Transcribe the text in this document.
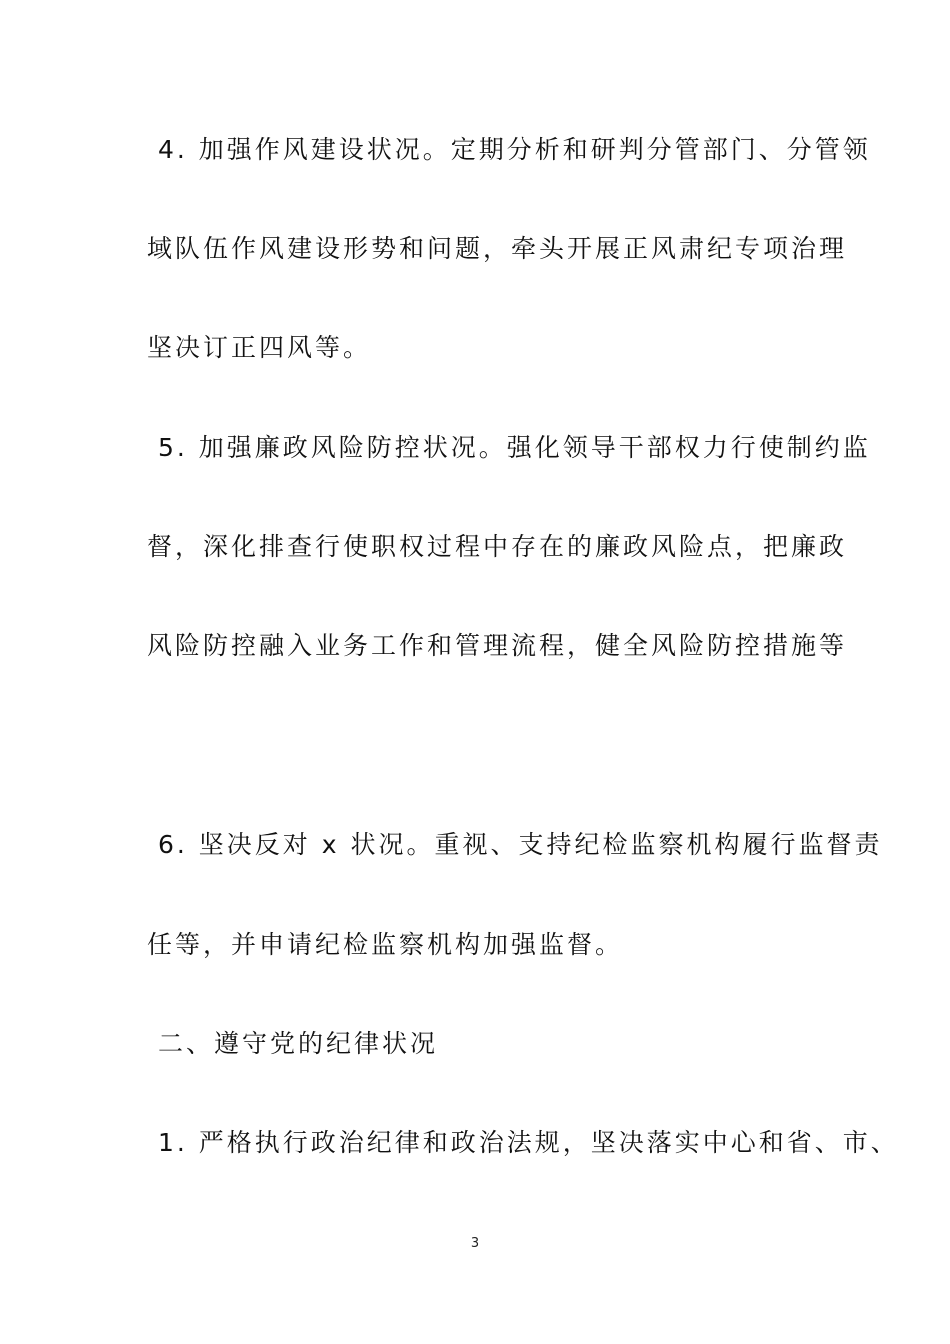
4. 加强作风建设状况。定期分析和研判分管部门、分管领
域队伍作风建设形势和问题，牵头开展正风肃纪专项治理
坚决订正四风等。
5. 加强廉政风险防控状况。强化领导干部权力行使制约监
督，深化排查行使职权过程中存在的廉政风险点，把廉政
风险防控融入业务工作和管理流程，健全风险防控措施等
6. 坚决反对 x 状况。重视、支持纪检监察机构履行监督责
任等，并申请纪检监察机构加强监督。
二、遵守党的纪律状况
1. 严格执行政治纪律和政治法规，坚决落实中心和省、市、
3
